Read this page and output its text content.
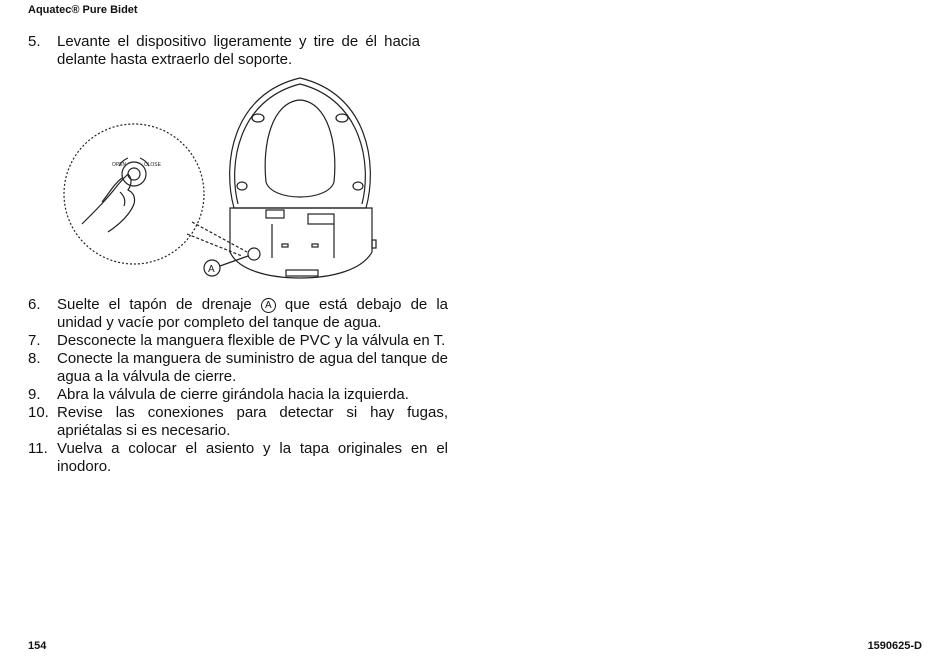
Aquatec® Pure Bidet
5.	Levante el dispositivo ligeramente y tire de él hacia delante hasta extraerlo del soporte.
OPEN	CLOSE
A
6.	Suelte el tapón de drenaje A que está debajo de la unidad y vacíe por completo del tanque de agua.
7.	Desconecte la manguera flexible de PVC y la válvula en T.
8.	Conecte la manguera de suministro de agua del tanque de agua a la válvula de cierre.
9.	Abra la válvula de cierre girándola hacia la izquierda.
10. Revise las conexiones para detectar si hay fugas, apriétalas si es necesario.
11. Vuelva a colocar el asiento y la tapa originales en el inodoro.
154	1590625-D
